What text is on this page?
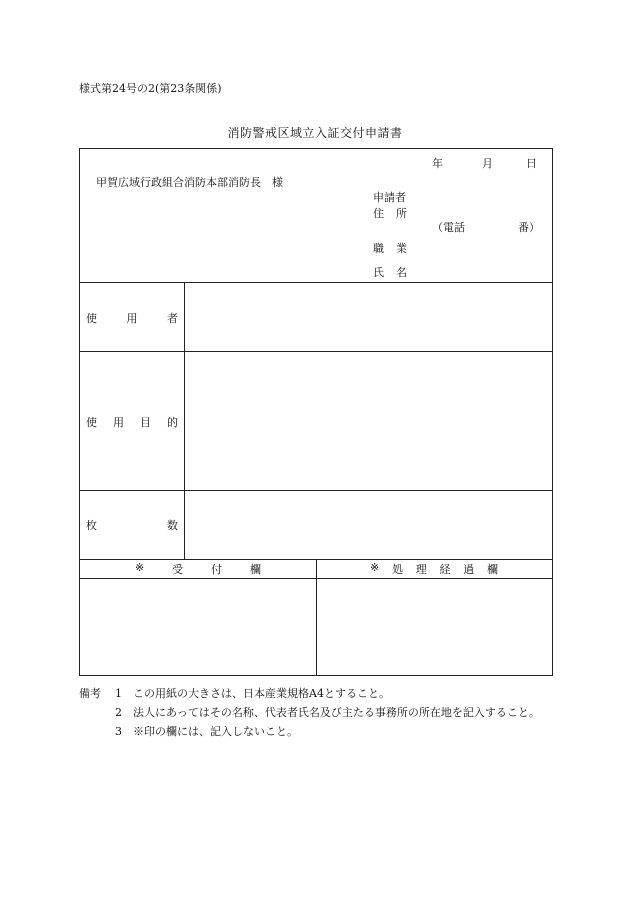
様式第24号の2(第23条関係)
消防警戒区域立入証交付申請書
年	月	日
甲賀広域行政組合消防本部消防長　様
申請者
住 所
（電話	番）
職 業
氏 名
使	用	者
使 用 目 的
枚	数
※	受	付	欄	※ 処 理 経 過 欄
備考	1	この用紙の大きさは、日本産業規格A4とすること。
2	法人にあってはその名称、代表者氏名及び主たる事務所の所在地を記入すること。
3	※印の欄には、記入しないこと。
